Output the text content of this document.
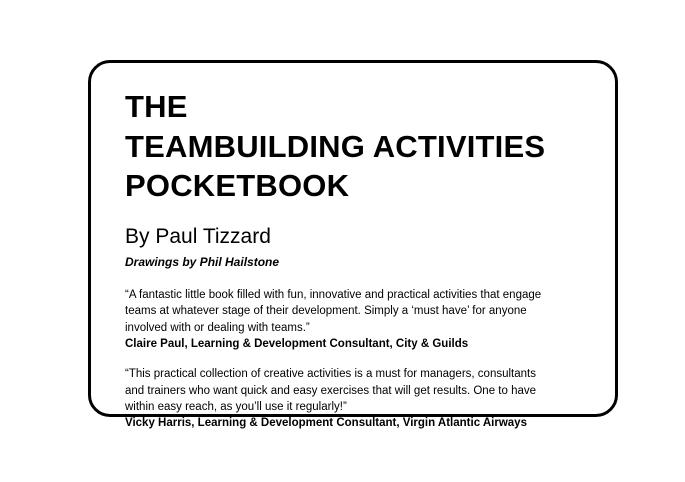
THE
TEAMBUILDING ACTIVITIES
POCKETBOOK
By Paul Tizzard
Drawings by Phil Hailstone

“A fantastic little book filled with fun, innovative and practical activities that engage teams at whatever stage of their development. Simply a ‘must have’ for anyone involved with or dealing with teams.”

Claire Paul, Learning & Development Consultant, City & Guilds

“This practical collection of creative activities is a must for managers, consultants and trainers who want quick and easy exercises that will get results. One to have within easy reach, as you’ll use it regularly!”

Vicky Harris, Learning & Development Consultant, Virgin Atlantic Airways
